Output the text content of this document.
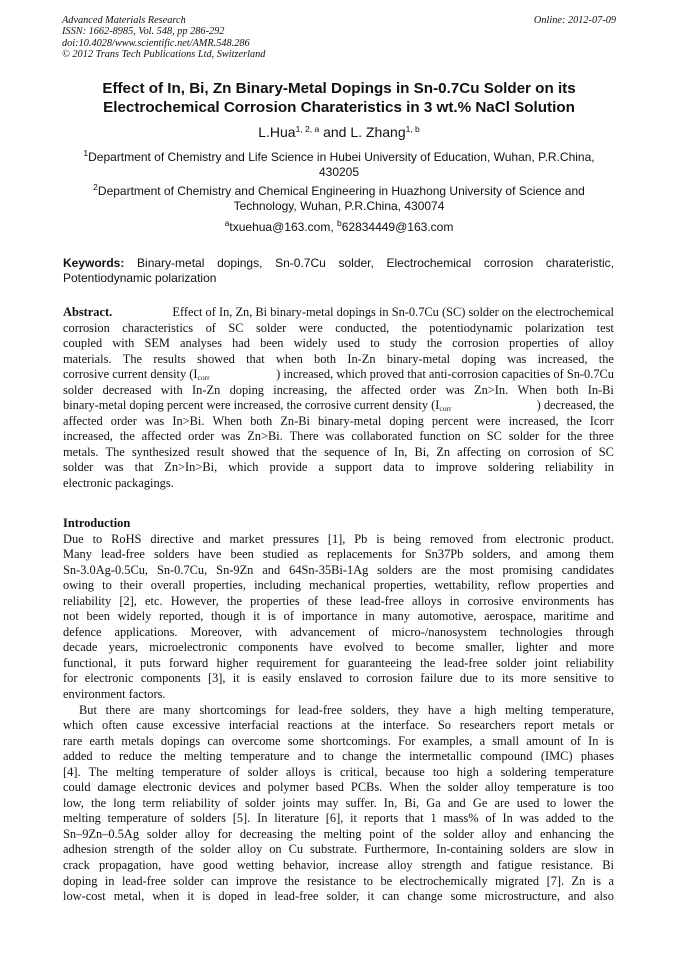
Advanced Materials Research
ISSN: 1662-8985, Vol. 548, pp 286-292
doi:10.4028/www.scientific.net/AMR.548.286
© 2012 Trans Tech Publications Ltd, Switzerland
Online: 2012-07-09
Effect of In, Bi, Zn Binary-Metal Dopings in Sn-0.7Cu Solder on its
Electrochemical Corrosion Charateristics in 3 wt.% NaCl Solution
L.Hua$^{1, 2, a}$ and L. Zhang$^{1, b}$
$^1$Department of Chemistry and Life Science in Hubei University of Education, Wuhan, P.R.China,
430205
$^2$Department of Chemistry and Chemical Engineering in Huazhong University of Science and
Technology, Wuhan, P.R.China, 430074
$^a$txuehua@163.com, $^b$62834449@163.com
Keywords: Binary-metal dopings, Sn-0.7Cu solder, Electrochemical corrosion charateristic,
Potentiodynamic polarization
Abstract.	Effect of In, Zn, Bi binary-metal dopings in Sn-0.7Cu (SC) solder on the electrochemical
corrosion characteristics of SC solder were conducted, the potentiodynamic polarization test
coupled with SEM analyses had been widely used to study the corrosion properties of alloy
materials. The results showed that when both In-Zn binary-metal doping was increased, the
corrosive current density ($I_{corr}$	) increased, which proved that anti-corrosion capacities of Sn-0.7Cu
solder decreased with In-Zn doping increasing, the affected order was Zn>In. When both In-Bi
binary-metal doping percent were increased, the corrosive current density ($I_{corr}$	) decreased, the
affected order was In>Bi. When both Zn-Bi binary-metal doping percent were increased, the Icorr
increased, the affected order was Zn>Bi. There was collaborated function on SC solder for the three
metals. The synthesized result showed that the sequence of In, Bi, Zn affecting on corrosion of SC
solder was that Zn>In>Bi, which provide a support data to improve soldering reliability in
electronic packagings.
Introduction
Due to RoHS directive and market pressures [1], Pb is being removed from electronic product.
Many lead-free solders have been studied as replacements for Sn37Pb solders, and among them
Sn-3.0Ag-0.5Cu, Sn-0.7Cu, Sn-9Zn and 64Sn-35Bi-1Ag solders are the most promising candidates
owing to their overall properties, including mechanical properties, wettability, reflow properties and
reliability [2], etc. However, the properties of these lead-free alloys in corrosive environments has
not been widely reported, though it is of importance in many automotive, aerospace, maritime and
defence applications. Moreover, with advancement of micro-/nanosystem technologies through
decade years, microelectronic components have evolved to become smaller, lighter and more
functional, it puts forward higher requirement for guaranteeing the lead-free solder joint reliability
for electronic components [3], it is easily enslaved to corrosion failure due to its more sensitive to
environment factors.
But there are many shortcomings for lead-free solders, they have a high melting temperature,
which often cause excessive interfacial reactions at the interface. So researchers report metals or
rare earth metals dopings can overcome some shortcomings. For examples, a small amount of In is
added to reduce the melting temperature and to change the intermetallic compound (IMC) phases
[4]. The melting temperature of solder alloys is critical, because too high a soldering temperature
could damage electronic devices and polymer based PCBs. When the solder alloy temperature is too
low, the long term reliability of solder joints may suffer. In, Bi, Ga and Ge are used to lower the
melting temperature of solders [5]. In literature [6], it reports that 1 mass% of In was added to the
Sn–9Zn–0.5Ag solder alloy for decreasing the melting point of the solder alloy and enhancing the
adhesion strength of the solder alloy on Cu substrate. Furthermore, In-containing solders are slow in
crack propagation, have good wetting behavior, increase alloy strength and fatigue resistance. Bi
doping in lead-free solder can improve the resistance to be electrochemically migrated [7]. Zn is a
low-cost metal, when it is doped in lead-free solder, it can change some microstructure, and also
